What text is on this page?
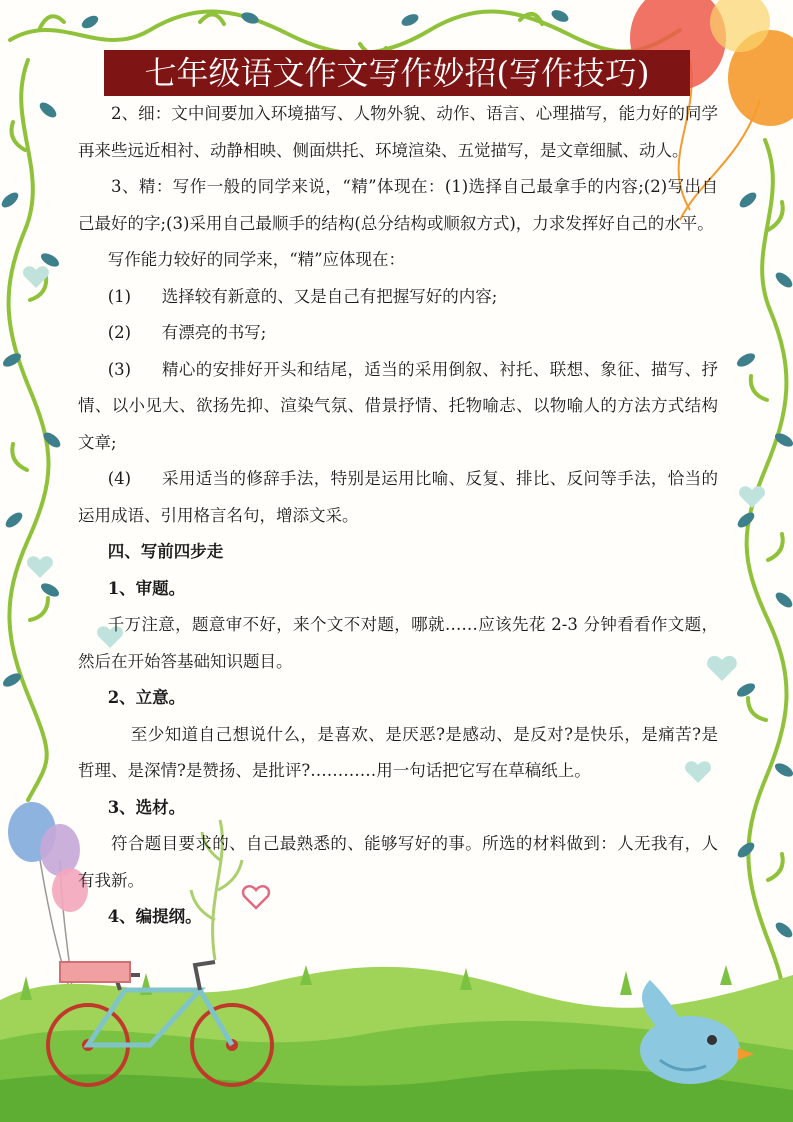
七年级语文作文写作妙招(写作技巧)

2、细：文中间要加入环境描写、人物外貌、动作、语言、心理描写，能力好的同学再来些远近相衬、动静相映、侧面烘托、环境渲染、五觉描写，是文章细腻、动人。

3、精：写作一般的同学来说，“精”体现在：(1)选择自己最拿手的内容;(2)写出自己最好的字;(3)采用自己最顺手的结构(总分结构或顺叙方式)，力求发挥好自己的水平。

写作能力较好的同学来，“精”应体现在：

(1) 选择较有新意的、又是自己有把握写好的内容;

(2) 有漂亮的书写;

(3) 精心的安排好开头和结尾，适当的采用倒叙、衬托、联想、象征、描写、抒情、以小见大、欲扬先抑、渲染气氛、借景抒情、托物喻志、以物喻人的方法方式结构文章;

(4) 采用适当的修辞手法，特别是运用比喻、反复、排比、反问等手法，恰当的运用成语、引用格言名句，增添文采。

四、写前四步走

1、审题。

千万注意，题意审不好，来个文不对题，哪就……应该先花 2-3 分钟看看作文题，然后在开始答基础知识题目。

2、立意。

至少知道自己想说什么，是喜欢、是厌恶?是感动、是反对?是快乐，是痛苦?是哲理、是深情?是赞扬、是批评?…………用一句话把它写在草稿纸上。

3、选材。

符合题目要求的、自己最熟悉的、能够写好的事。所选的材料做到：人无我有，人有我新。

4、编提纲。
